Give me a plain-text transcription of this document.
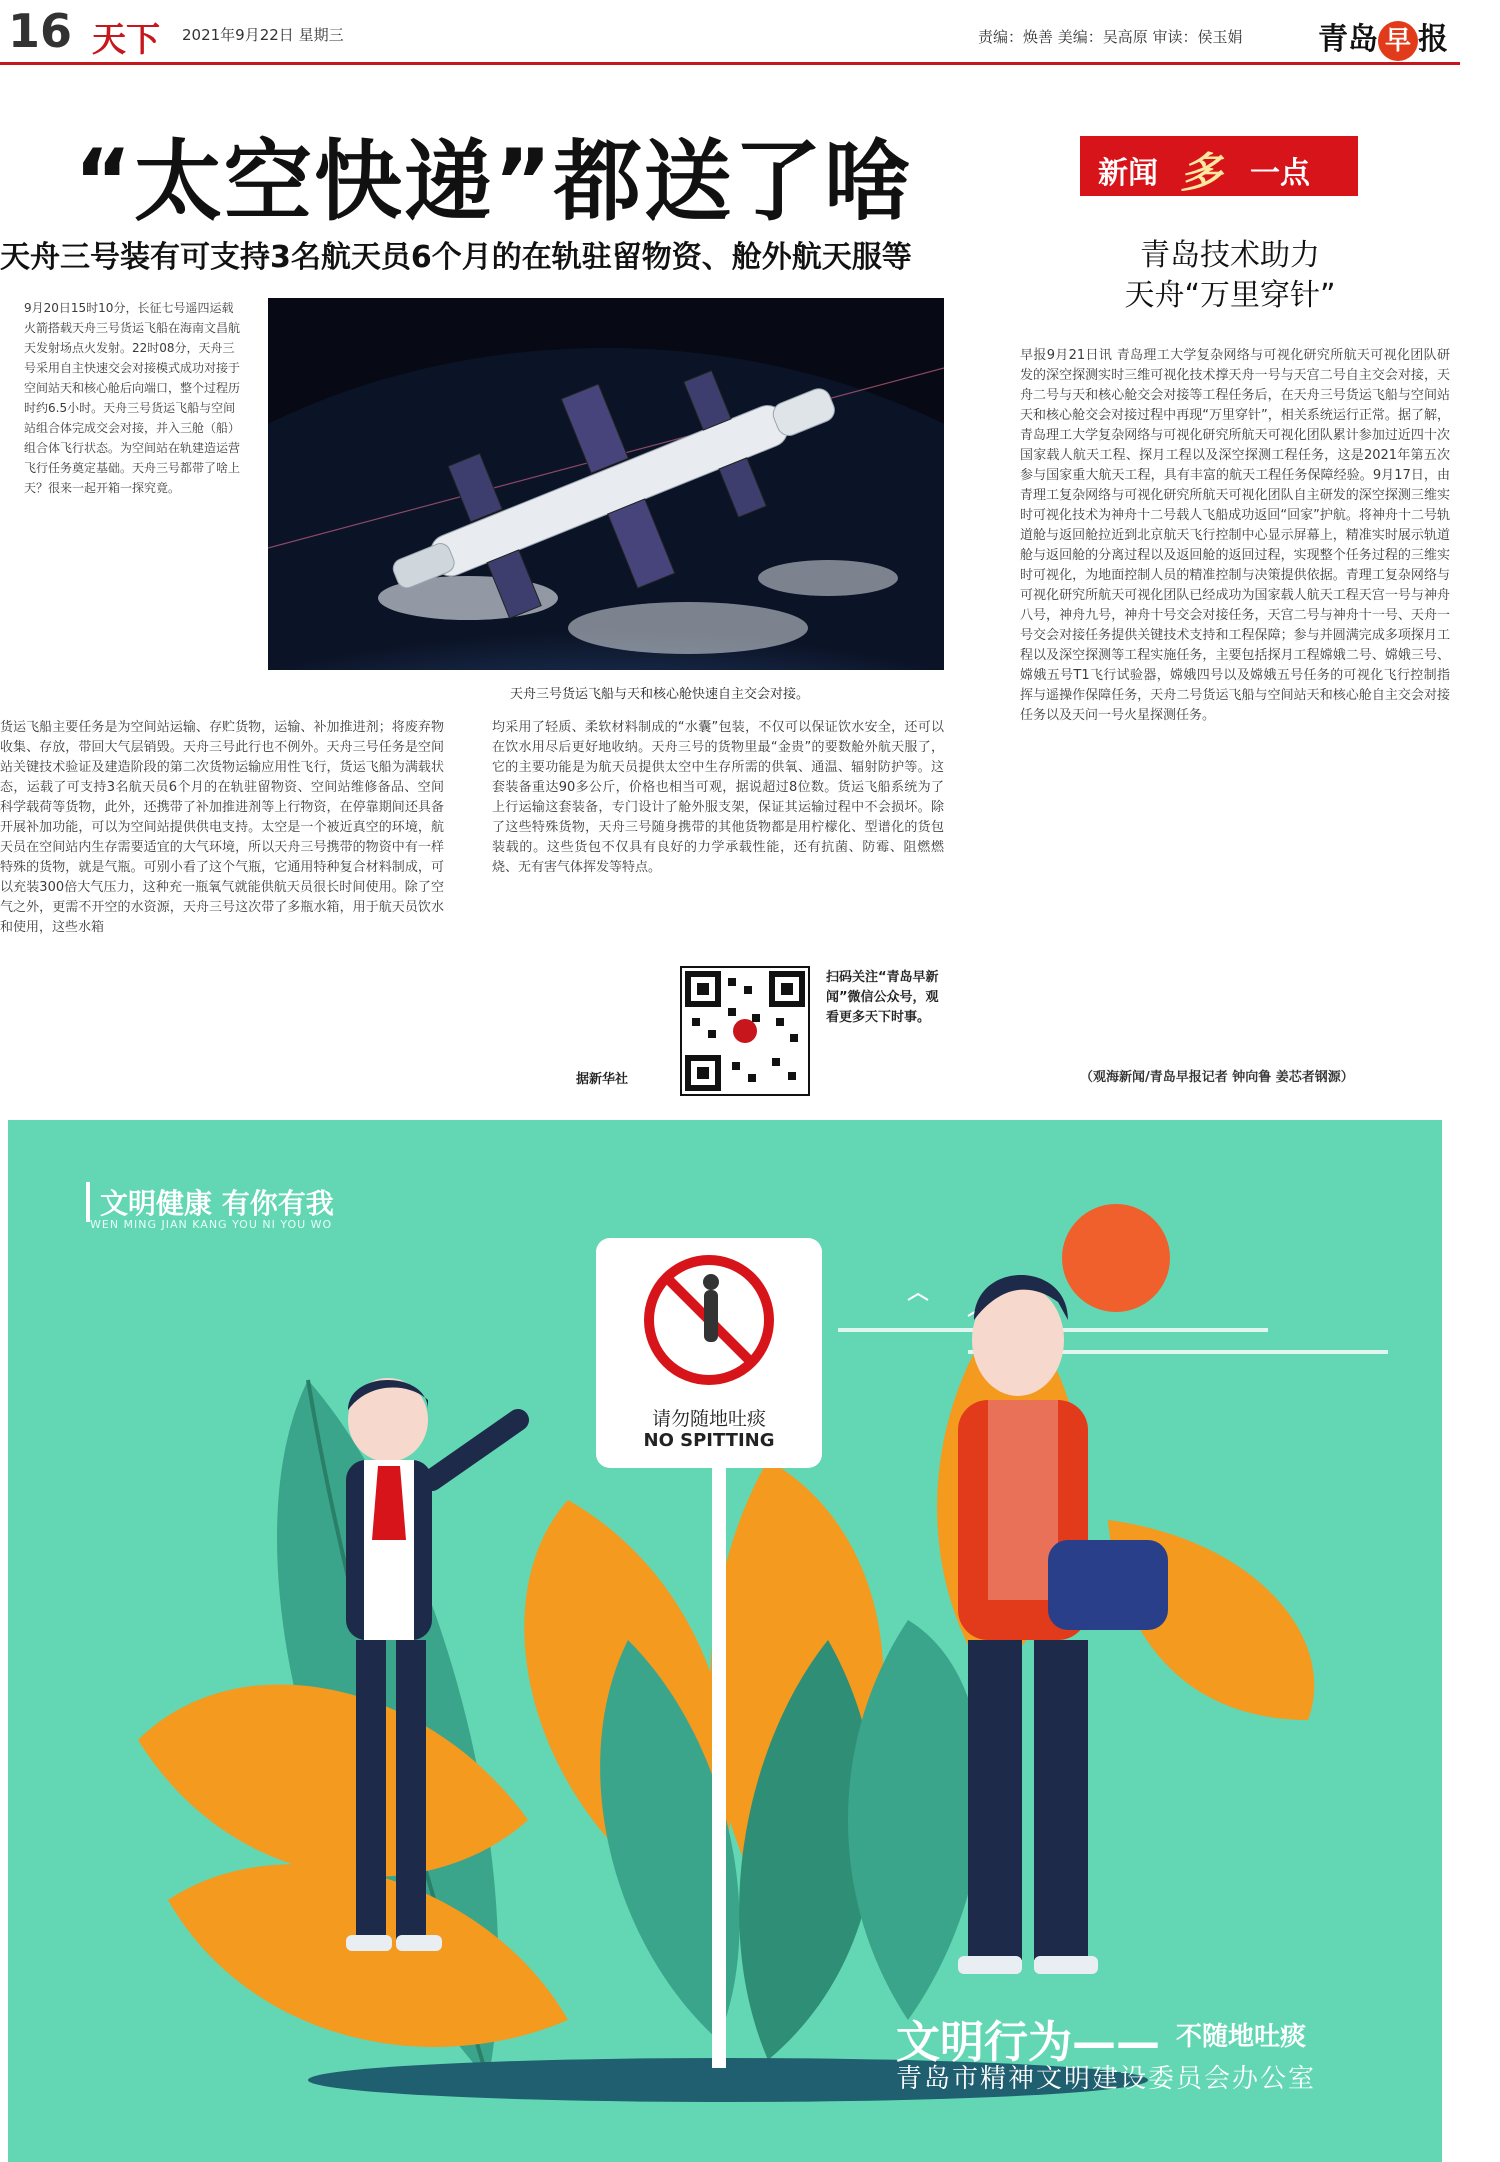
16 天下 2021年9月22日 星期三	责编：焕善 美编：吴高原 审读：侯玉娟	青岛 早 报
“太空快递”都送了啥
天舟三号装有可支持3名航天员6个月的在轨驻留物资、舱外航天服等
9月20日15时10分，长征七号遥四运载火箭搭载天舟三号货运飞船在海南文昌航天发射场点火发射。22时08分，天舟三号采用自主快速交会对接模式成功对接于空间站天和核心舱后向端口，整个过程历时约6.5小时。天舟三号货运飞船与空间站组合体完成交会对接，并入三舱（船）组合体飞行状态。为空间站在轨建造运营飞行任务奠定基础。天舟三号都带了啥上天？很来一起开箱一探究竟。
天舟三号货运飞船与天和核心舱快速自主交会对接。
货运飞船主要任务是为空间站运输、存贮货物，运输、补加推进剂；将废弃物收集、存放，带回大气层销毁。天舟三号此行也不例外。天舟三号任务是空间站关键技术验证及建造阶段的第二次货物运输应用性飞行，货运飞船为满载状态，运载了可支持3名航天员6个月的在轨驻留物资、空间站维修备品、空间科学载荷等货物，此外，还携带了补加推进剂等上行物资，在停靠期间还具备开展补加功能，可以为空间站提供供电支持。太空是一个被近真空的环境，航天员在空间站内生存需要适宜的大气环境，所以天舟三号携带的物资中有一样特殊的货物，就是气瓶。可别小看了这个气瓶，它通用特种复合材料制成，可以充装300倍大气压力，这种充一瓶氧气就能供航天员很长时间使用。除了空气之外，更需不开空的水资源，天舟三号这次带了多瓶水箱，用于航天员饮水和使用，这些水箱
均采用了轻质、柔软材料制成的“水囊”包装，不仅可以保证饮水安全，还可以在饮水用尽后更好地收纳。天舟三号的货物里最“金贵”的要数舱外航天服了，它的主要功能是为航天员提供太空中生存所需的供氧、通温、辐射防护等。这套装备重达90多公斤，价格也相当可观，据说超过8位数。货运飞船系统为了上行运输这套装备，专门设计了舱外服支架，保证其运输过程中不会损坏。除了这些特殊货物，天舟三号随身携带的其他货物都是用柠檬化、型谱化的货包装载的。这些货包不仅具有良好的力学承载性能，还有抗菌、防霉、阻燃燃烧、无有害气体挥发等特点。
扫码关注“青岛早新闻”微信公众号，观看更多天下时事。
据新华社
新闻 多 一点
青岛技术助力
天舟“万里穿针”
早报9月21日讯 青岛理工大学复杂网络与可视化研究所航天可视化团队研发的深空探测实时三维可视化技术撑天舟一号与天宫二号自主交会对接，天舟二号与天和核心舱交会对接等工程任务后，在天舟三号货运飞船与空间站天和核心舱交会对接过程中再现“万里穿针”，相关系统运行正常。据了解，青岛理工大学复杂网络与可视化研究所航天可视化团队累计参加过近四十次国家载人航天工程、探月工程以及深空探测工程任务，这是2021年第五次参与国家重大航天工程，具有丰富的航天工程任务保障经验。9月17日，由青理工复杂网络与可视化研究所航天可视化团队自主研发的深空探测三维实时可视化技术为神舟十二号载人飞船成功返回“回家”护航。将神舟十二号轨道舱与返回舱拉近到北京航天飞行控制中心显示屏幕上，精准实时展示轨道舱与返回舱的分离过程以及返回舱的返回过程，实现整个任务过程的三维实时可视化，为地面控制人员的精准控制与决策提供依据。青理工复杂网络与可视化研究所航天可视化团队已经成功为国家载人航天工程天宫一号与神舟八号，神舟九号，神舟十号交会对接任务，天宫二号与神舟十一号、天舟一号交会对接任务提供关键技术支持和工程保障；参与并圆满完成多项探月工程以及深空探测等工程实施任务，主要包括探月工程嫦娥二号、嫦娥三号、嫦娥五号T1飞行试验器，嫦娥四号以及嫦娥五号任务的可视化飞行控制指挥与遥操作保障任务，天舟二号货运飞船与空间站天和核心舱自主交会对接任务以及天问一号火星探测任务。
（观海新闻/青岛早报记者 钟向鲁 姜芯者钢源）
文明健康 有你有我
WEN MING JIAN KANG YOU NI YOU WO
请勿随地吐痰
NO SPITTING
文明行为—— 不随地吐痰
青岛市精神文明建设委员会办公室
